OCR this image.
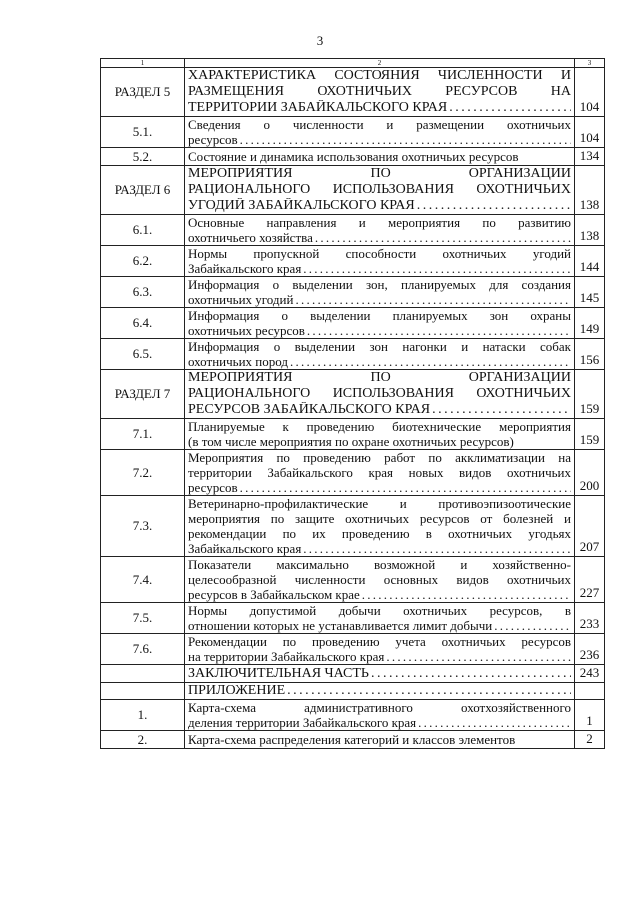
3
1	2	3
РАЗДЕЛ 5	ХАРАКТЕРИСТИКА СОСТОЯНИЯ ЧИСЛЕННОСТИ И
РАЗМЕЩЕНИЯ ОХОТНИЧЬИХ РЕСУРСОВ НА
ТЕРРИТОРИИ ЗАБАЙКАЛЬСКОГО КРАЯ
. . .	104
5.1.	Сведения о численности и размещении охотничьих
ресурсов
. . .	104
5.2.	Состояние и динамика использования охотничьих ресурсов	134
РАЗДЕЛ 6	МЕРОПРИЯТИЯ ПО ОРГАНИЗАЦИИ
РАЦИОНАЛЬНОГО ИСПОЛЬЗОВАНИЯ ОХОТНИЧЬИХ
УГОДИЙ ЗАБАЙКАЛЬСКОГО КРАЯ
. . .	138
6.1.	Основные направления и мероприятия по развитию
охотничьего хозяйства
. . .	138
6.2.	Нормы пропускной способности охотничьих угодий
Забайкальского края
. . .	144
6.3.	Информация о выделении зон, планируемых для создания
охотничьих угодий
. . .	145
6.4.	Информация о выделении планируемых зон охраны
охотничьих ресурсов
. . .	149
6.5.	Информация о выделении зон нагонки и натаски собак
охотничьих пород
. . .	156
РАЗДЕЛ 7	МЕРОПРИЯТИЯ ПО ОРГАНИЗАЦИИ
РАЦИОНАЛЬНОГО ИСПОЛЬЗОВАНИЯ ОХОТНИЧЬИХ
РЕСУРСОВ ЗАБАЙКАЛЬСКОГО КРАЯ
. . .	159
7.1.	Планируемые к проведению биотехнические мероприятия
(в том числе мероприятия по охране охотничьих ресурсов)	159
7.2.	Мероприятия по проведению работ по акклиматизации на
территории Забайкальского края новых видов охотничьих
ресурсов
. . .	200
7.3.	Ветеринарно-профилактические и противоэпизоотические
мероприятия по защите охотничьих ресурсов от болезней и
рекомендации по их проведению в охотничьих угодьях
Забайкальского края
. . .	207
7.4.	Показатели максимально возможной и хозяйственно-
целесообразной численности основных видов охотничьих
ресурсов в Забайкальском крае
. . .	227
7.5.	Нормы допустимой добычи охотничьих ресурсов, в
отношении которых не устанавливается лимит добычи
. . .	233
7.6.	Рекомендации по проведению учета охотничьих ресурсов
на территории Забайкальского края
. . .	236

	ЗАКЛЮЧИТЕЛЬНАЯ ЧАСТЬ
. . .	243

	ПРИЛОЖЕНИЕ
. . .

1.	Карта-схема административного охотхозяйственного
деления территории Забайкальского края
. . .	1
2.	Карта-схема распределения категорий и классов элементов	2
